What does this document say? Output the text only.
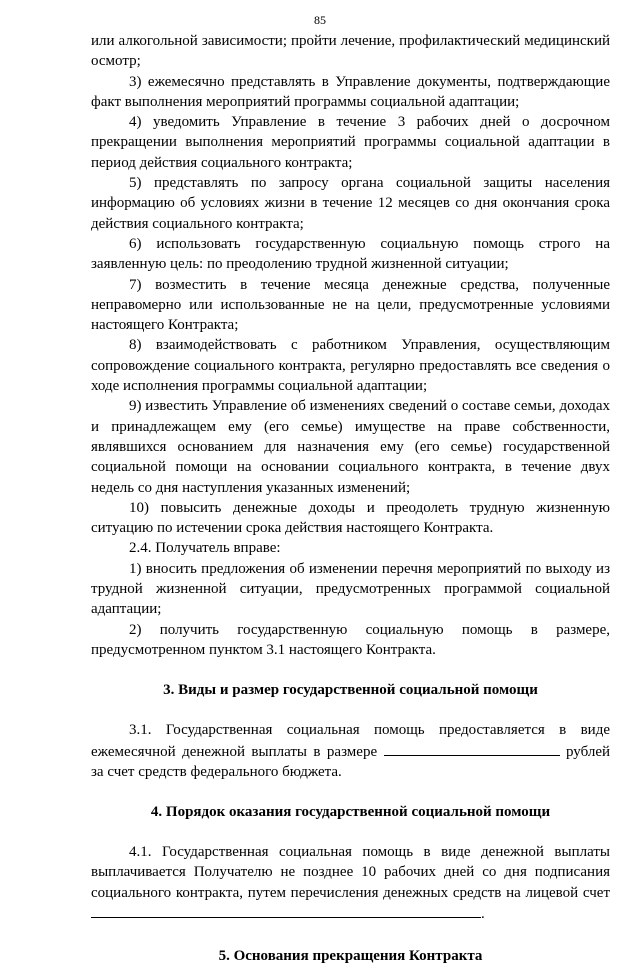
85

или алкогольной зависимости; пройти лечение, профилактический медицинский осмотр;

3) ежемесячно представлять в Управление документы, подтверждающие факт выполнения мероприятий программы социальной адаптации;

4) уведомить Управление в течение 3 рабочих дней о досрочном прекращении выполнения мероприятий программы социальной адаптации в период действия социального контракта;

5) представлять по запросу органа социальной защиты населения информацию об условиях жизни в течение 12 месяцев со дня окончания срока действия социального контракта;

6) использовать государственную социальную помощь строго на заявленную цель: по преодолению трудной жизненной ситуации;

7) возместить в течение месяца денежные средства, полученные неправомерно или использованные не на цели, предусмотренные условиями настоящего Контракта;

8) взаимодействовать с работником Управления, осуществляющим сопровождение социального контракта, регулярно предоставлять все сведения о ходе исполнения программы социальной адаптации;

9) известить Управление об изменениях сведений о составе семьи, доходах и принадлежащем ему (его семье) имуществе на праве собственности, являвшихся основанием для назначения ему (его семье) государственной социальной помощи на основании социального контракта, в течение двух недель со дня наступления указанных изменений;

10) повысить денежные доходы и преодолеть трудную жизненную ситуацию по истечении срока действия настоящего Контракта.

2.4. Получатель вправе:

1) вносить предложения об изменении перечня мероприятий по выходу из трудной жизненной ситуации, предусмотренных программой социальной адаптации;

2) получить государственную социальную помощь в размере, предусмотренном пунктом 3.1 настоящего Контракта.

3. Виды и размер государственной социальной помощи

3.1. Государственная социальная помощь предоставляется в виде ежемесячной денежной выплаты в размере	рублей за счет средств федерального бюджета.

4. Порядок оказания государственной социальной помощи

4.1. Государственная социальная помощь в виде денежной выплаты выплачивается Получателю не позднее 10 рабочих дней со дня подписания социального контракта, путем перечисления денежных средств на лицевой счет .

5. Основания прекращения Контракта
